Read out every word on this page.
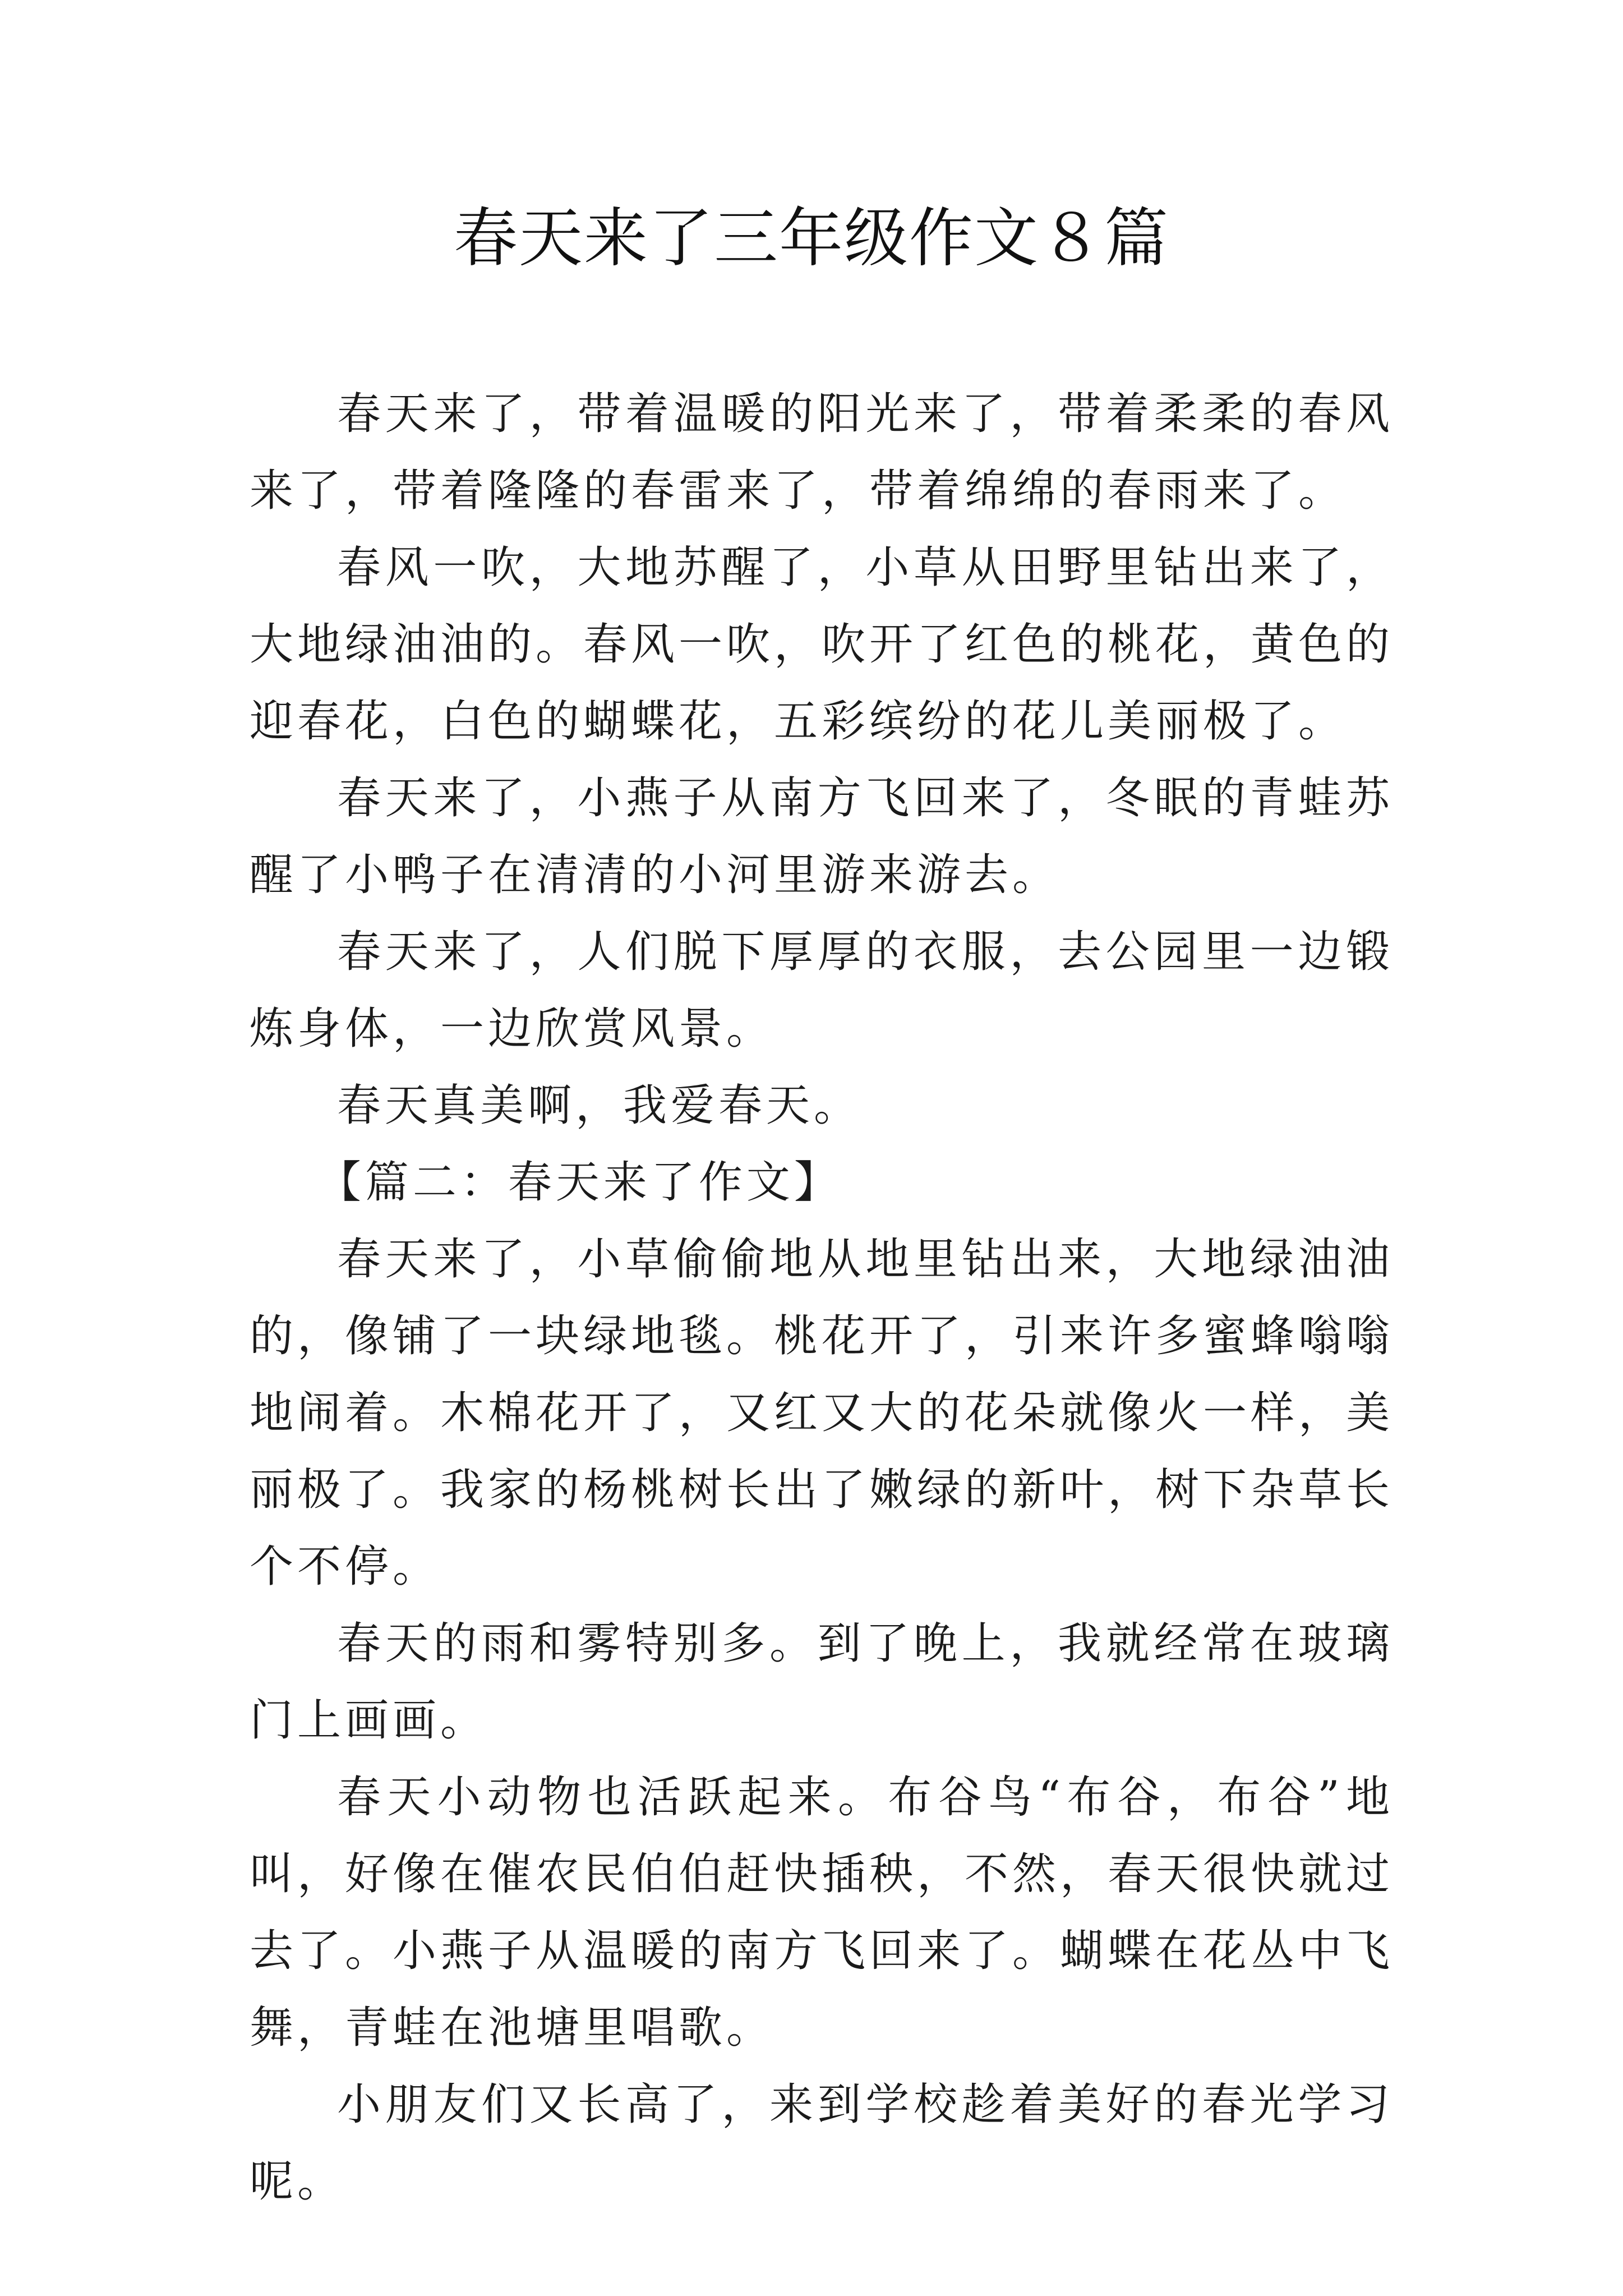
春天来了三年级作文８篇

春天来了，带着温暖的阳光来了，带着柔柔的春风来了，带着隆隆的春雷来了，带着绵绵的春雨来了。

春风一吹，大地苏醒了，小草从田野里钻出来了，大地绿油油的。春风一吹，吹开了红色的桃花，黄色的迎春花，白色的蝴蝶花，五彩缤纷的花儿美丽极了。

春天来了，小燕子从南方飞回来了，冬眠的青蛙苏醒了小鸭子在清清的小河里游来游去。

春天来了，人们脱下厚厚的衣服，去公园里一边锻炼身体，一边欣赏风景。

春天真美啊，我爱春天。

【篇二：春天来了作文】

春天来了，小草偷偷地从地里钻出来，大地绿油油的，像铺了一块绿地毯。桃花开了，引来许多蜜蜂嗡嗡地闹着。木棉花开了，又红又大的花朵就像火一样，美丽极了。我家的杨桃树长出了嫩绿的新叶，树下杂草长个不停。

春天的雨和雾特别多。到了晚上，我就经常在玻璃门上画画。

春天小动物也活跃起来。布谷鸟“布谷，布谷”地叫，好像在催农民伯伯赶快插秧，不然，春天很快就过去了。小燕子从温暖的南方飞回来了。蝴蝶在花丛中飞舞，青蛙在池塘里唱歌。

小朋友们又长高了，来到学校趁着美好的春光学习呢。
